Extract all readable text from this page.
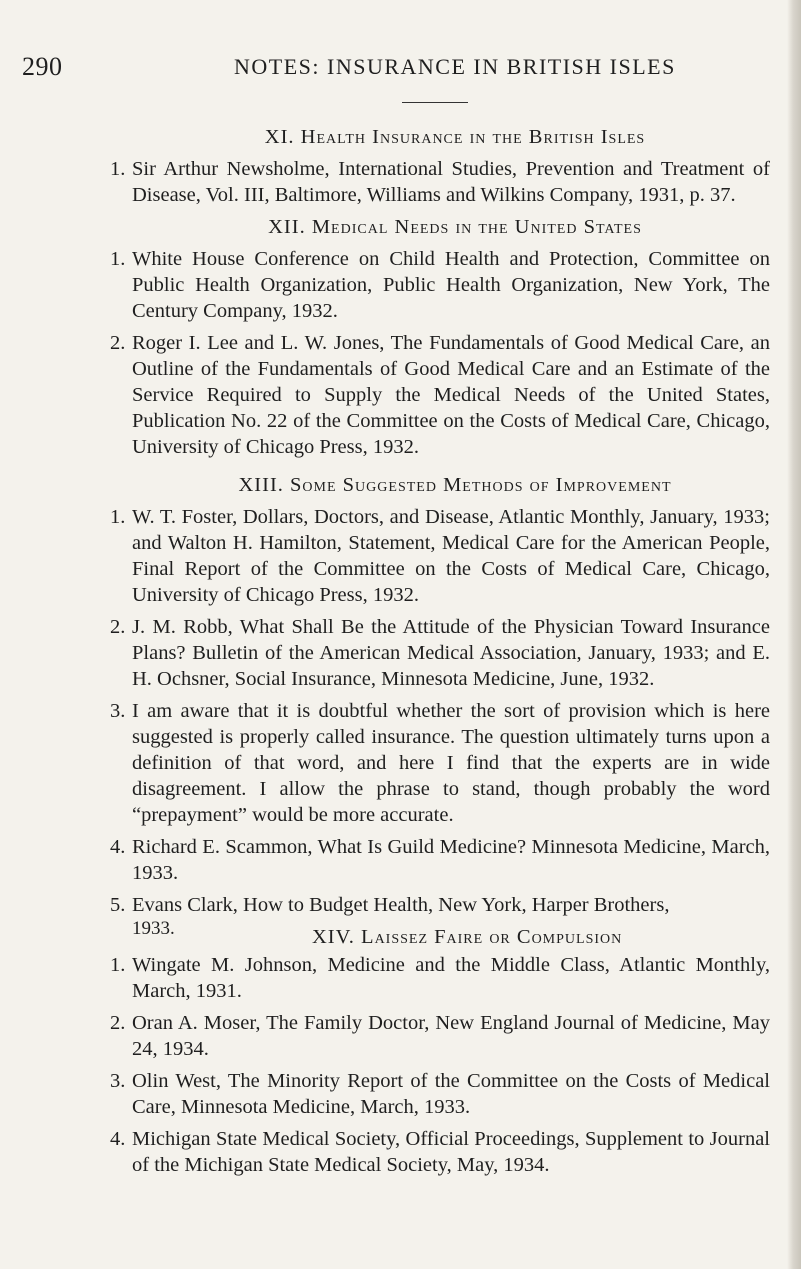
290	NOTES: INSURANCE IN BRITISH ISLES
XI. Health Insurance in the British Isles
1. Sir Arthur Newsholme, International Studies, Prevention and Treatment of Disease, Vol. III, Baltimore, Williams and Wilkins Company, 1931, p. 37.
XII. Medical Needs in the United States
1. White House Conference on Child Health and Protection, Committee on Public Health Organization, Public Health Organization, New York, The Century Company, 1932.
2. Roger I. Lee and L. W. Jones, The Fundamentals of Good Medical Care, an Outline of the Fundamentals of Good Medical Care and an Estimate of the Service Required to Supply the Medical Needs of the United States, Publication No. 22 of the Committee on the Costs of Medical Care, Chicago, University of Chicago Press, 1932.
XIII. Some Suggested Methods of Improvement
1. W. T. Foster, Dollars, Doctors, and Disease, Atlantic Monthly, January, 1933; and Walton H. Hamilton, Statement, Medical Care for the American People, Final Report of the Committee on the Costs of Medical Care, Chicago, University of Chicago Press, 1932.
2. J. M. Robb, What Shall Be the Attitude of the Physician Toward Insurance Plans? Bulletin of the American Medical Association, January, 1933; and E. H. Ochsner, Social Insurance, Minnesota Medicine, June, 1932.
3. I am aware that it is doubtful whether the sort of provision which is here suggested is properly called insurance. The question ultimately turns upon a definition of that word, and here I find that the experts are in wide disagreement. I allow the phrase to stand, though probably the word “prepayment” would be more accurate.
4. Richard E. Scammon, What Is Guild Medicine? Minnesota Medicine, March, 1933.
5. Evans Clark, How to Budget Health, New York, Harper Brothers,
1933.	XIV. Laissez Faire or Compulsion
1. Wingate M. Johnson, Medicine and the Middle Class, Atlantic Monthly, March, 1931.
2. Oran A. Moser, The Family Doctor, New England Journal of Medicine, May 24, 1934.
3. Olin West, The Minority Report of the Committee on the Costs of Medical Care, Minnesota Medicine, March, 1933.
4. Michigan State Medical Society, Official Proceedings, Supplement to Journal of the Michigan State Medical Society, May, 1934.
